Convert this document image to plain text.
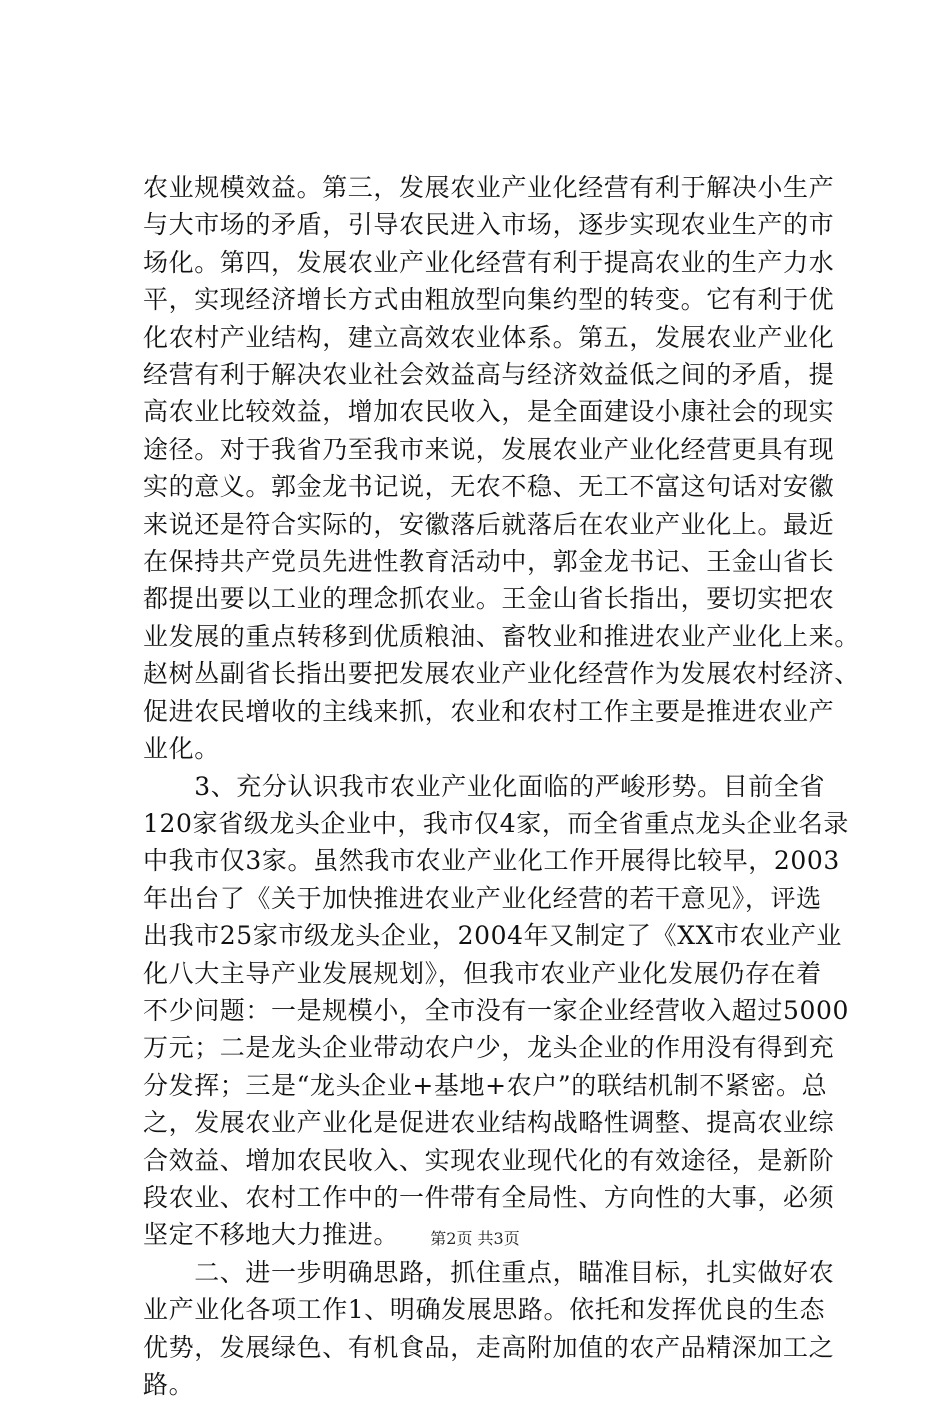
农业规模效益。第三，发展农业产业化经营有利于解决小生产
与大市场的矛盾，引导农民进入市场，逐步实现农业生产的市
场化。第四，发展农业产业化经营有利于提高农业的生产力水
平，实现经济增长方式由粗放型向集约型的转变。它有利于优
化农村产业结构，建立高效农业体系。第五，发展农业产业化
经营有利于解决农业社会效益高与经济效益低之间的矛盾，提
高农业比较效益，增加农民收入，是全面建设小康社会的现实
途径。对于我省乃至我市来说，发展农业产业化经营更具有现
实的意义。郭金龙书记说，无农不稳、无工不富这句话对安徽
来说还是符合实际的，安徽落后就落后在农业产业化上。最近
在保持共产党员先进性教育活动中，郭金龙书记、王金山省长
都提出要以工业的理念抓农业。王金山省长指出，要切实把农
业发展的重点转移到优质粮油、畜牧业和推进农业产业化上来。
赵树丛副省长指出要把发展农业产业化经营作为发展农村经济、
促进农民增收的主线来抓，农业和农村工作主要是推进农业产
业化。
　　3、充分认识我市农业产业化面临的严峻形势。目前全省
120家省级龙头企业中，我市仅4家，而全省重点龙头企业名录
中我市仅3家。虽然我市农业产业化工作开展得比较早，2003
年出台了《关于加快推进农业产业化经营的若干意见》，评选
出我市25家市级龙头企业，2004年又制定了《XX市农业产业
化八大主导产业发展规划》，但我市农业产业化发展仍存在着
不少问题：一是规模小，全市没有一家企业经营收入超过5000
万元；二是龙头企业带动农户少，龙头企业的作用没有得到充
分发挥；三是“龙头企业+基地+农户”的联结机制不紧密。总
之，发展农业产业化是促进农业结构战略性调整、提高农业综
合效益、增加农民收入、实现农业现代化的有效途径，是新阶
段农业、农村工作中的一件带有全局性、方向性的大事，必须
坚定不移地大力推进。
　　二、进一步明确思路，抓住重点，瞄准目标，扎实做好农
业产业化各项工作1、明确发展思路。依托和发挥优良的生态
优势，发展绿色、有机食品，走高附加值的农产品精深加工之
路。
第2页 共3页
